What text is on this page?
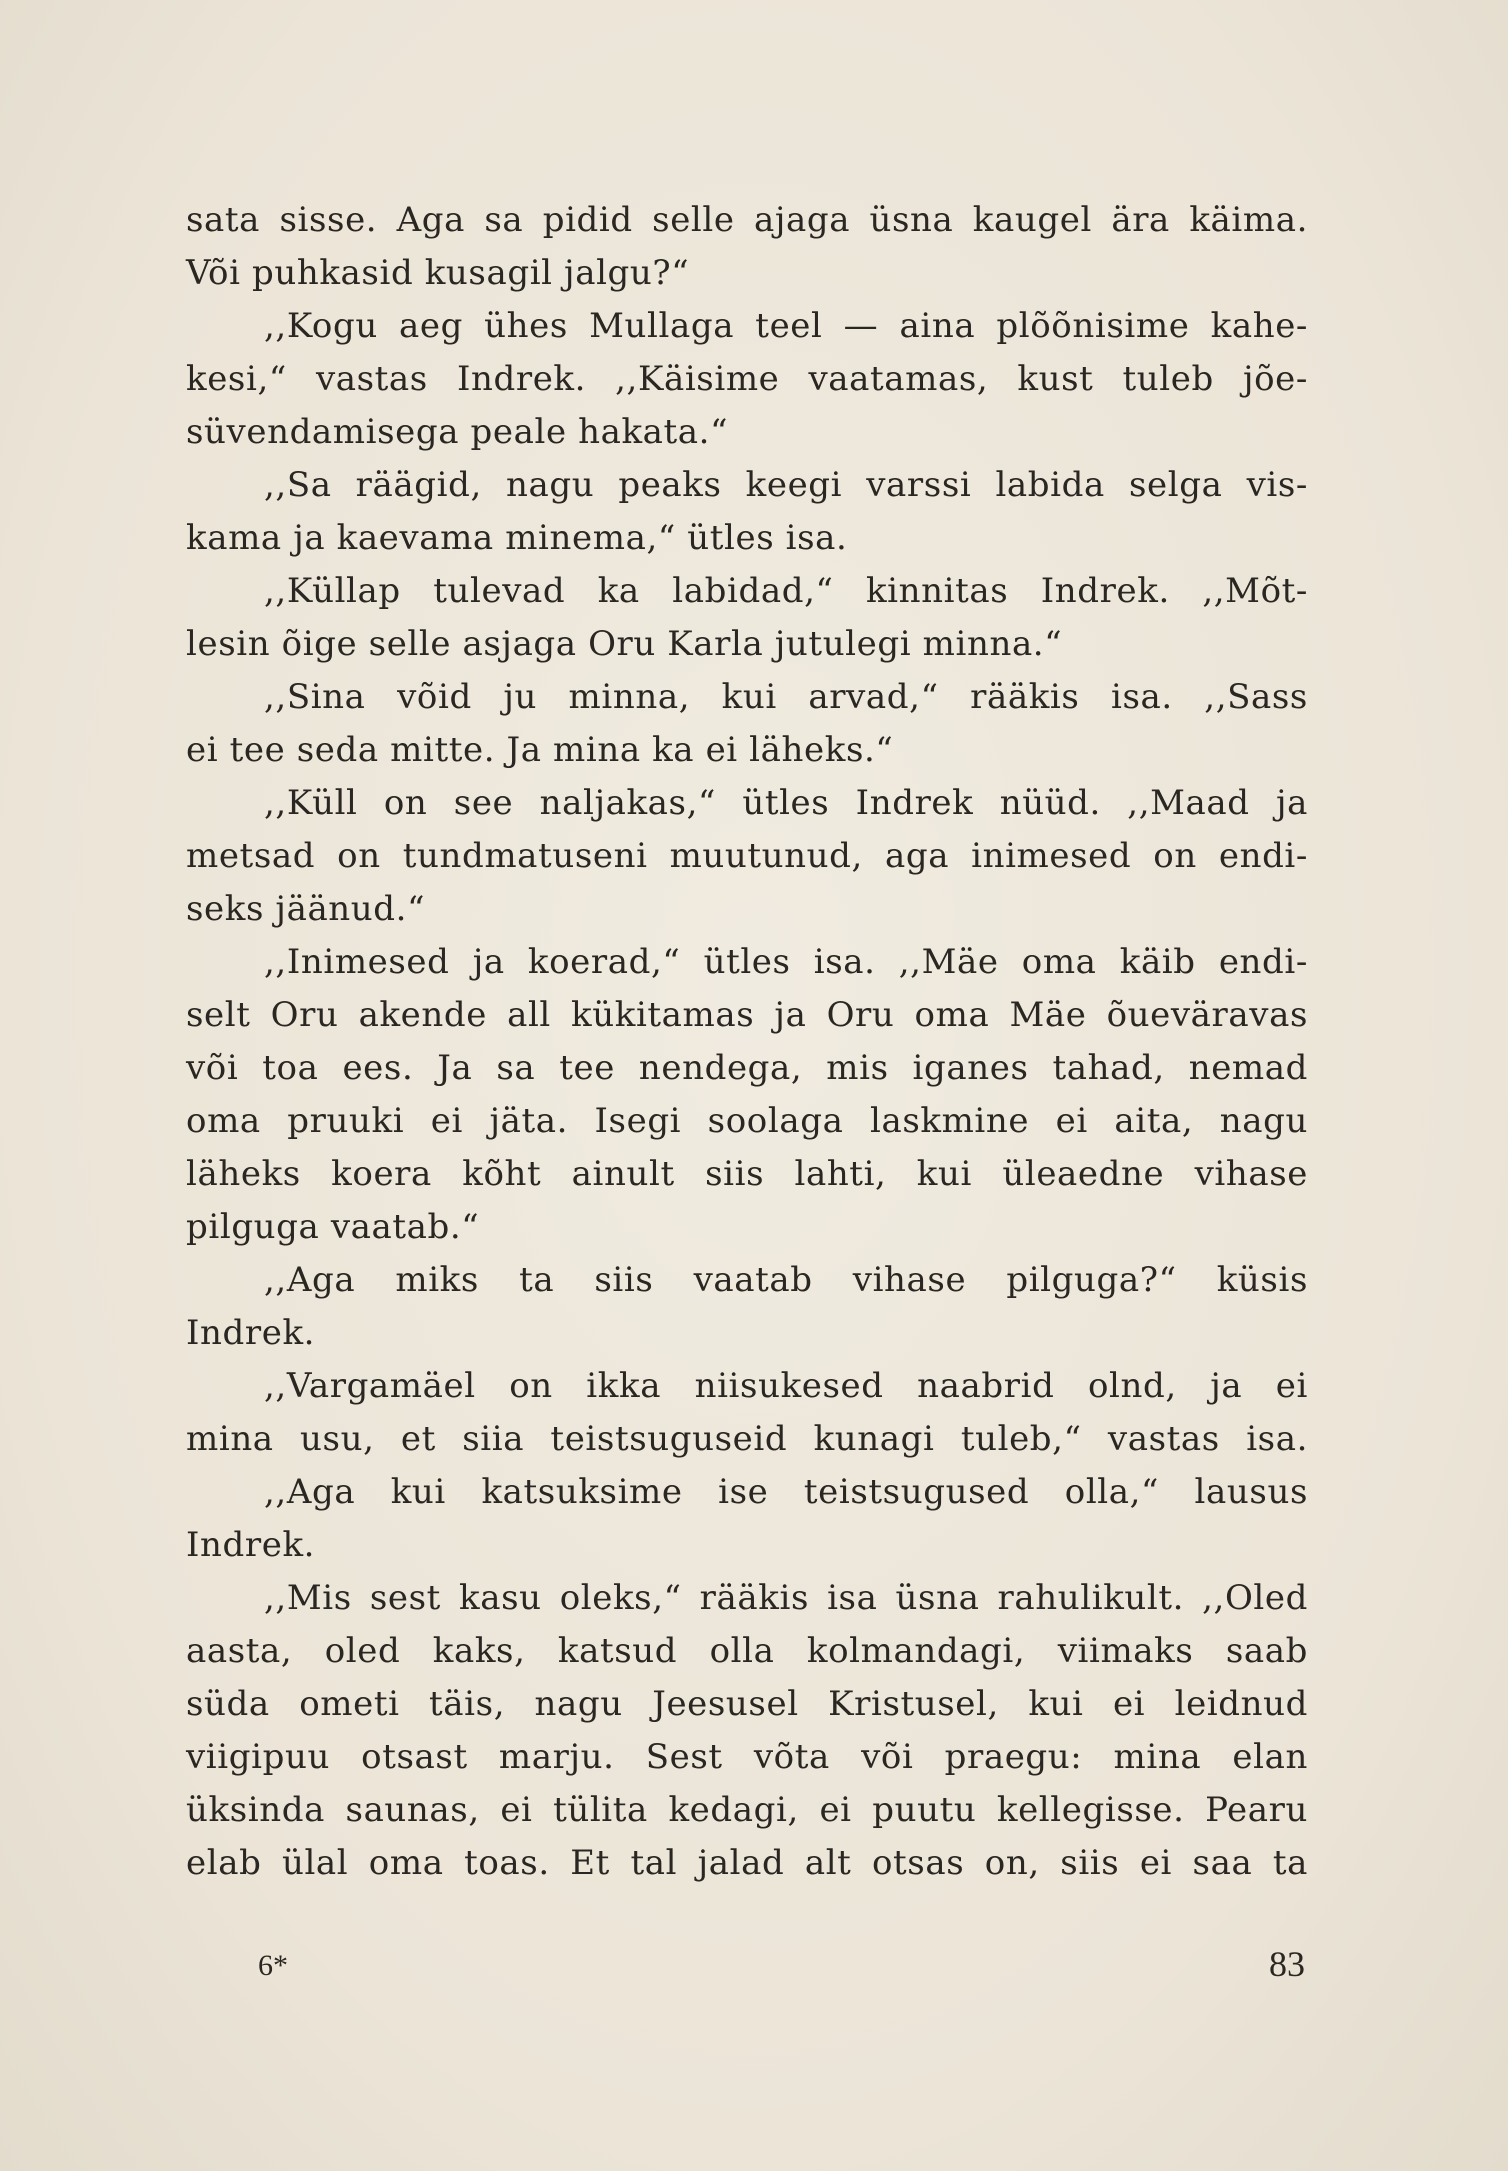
sata sisse. Aga sa pidid selle ajaga üsna kaugel ära käima.
Või puhkasid kusagil jalgu?“
,,Kogu aeg ühes Mullaga teel — aina plõõnisime kahe-
kesi,“ vastas Indrek. ,,Käisime vaatamas, kust tuleb jõe-
süvendamisega peale hakata.“
,,Sa räägid, nagu peaks keegi varssi labida selga vis-
kama ja kaevama minema,“ ütles isa.
,,Küllap tulevad ka labidad,“ kinnitas Indrek. ,,Mõt-
lesin õige selle asjaga Oru Karla jutulegi minna.“
,,Sina võid ju minna, kui arvad,“ rääkis isa. ,,Sass
ei tee seda mitte. Ja mina ka ei läheks.“
,,Küll on see naljakas,“ ütles Indrek nüüd. ,,Maad ja
metsad on tundmatuseni muutunud, aga inimesed on endi-
seks jäänud.“
,,Inimesed ja koerad,“ ütles isa. ,,Mäe oma käib endi-
selt Oru akende all kükitamas ja Oru oma Mäe õueväravas
või toa ees. Ja sa tee nendega, mis iganes tahad, nemad
oma pruuki ei jäta. Isegi soolaga laskmine ei aita, nagu
läheks koera kõht ainult siis lahti, kui üleaedne vihase
pilguga vaatab.“
,,Aga miks ta siis vaatab vihase pilguga?“ küsis
Indrek.
,,Vargamäel on ikka niisukesed naabrid olnd, ja ei
mina usu, et siia teistsuguseid kunagi tuleb,“ vastas isa.
,,Aga kui katsuksime ise teistsugused olla,“ lausus
Indrek.
,,Mis sest kasu oleks,“ rääkis isa üsna rahulikult. ,,Oled
aasta, oled kaks, katsud olla kolmandagi, viimaks saab
süda ometi täis, nagu Jeesusel Kristusel, kui ei leidnud
viigipuu otsast marju. Sest võta või praegu: mina elan
üksinda saunas, ei tülita kedagi, ei puutu kellegisse. Pearu
elab ülal oma toas. Et tal jalad alt otsas on, siis ei saa ta
6*	83
